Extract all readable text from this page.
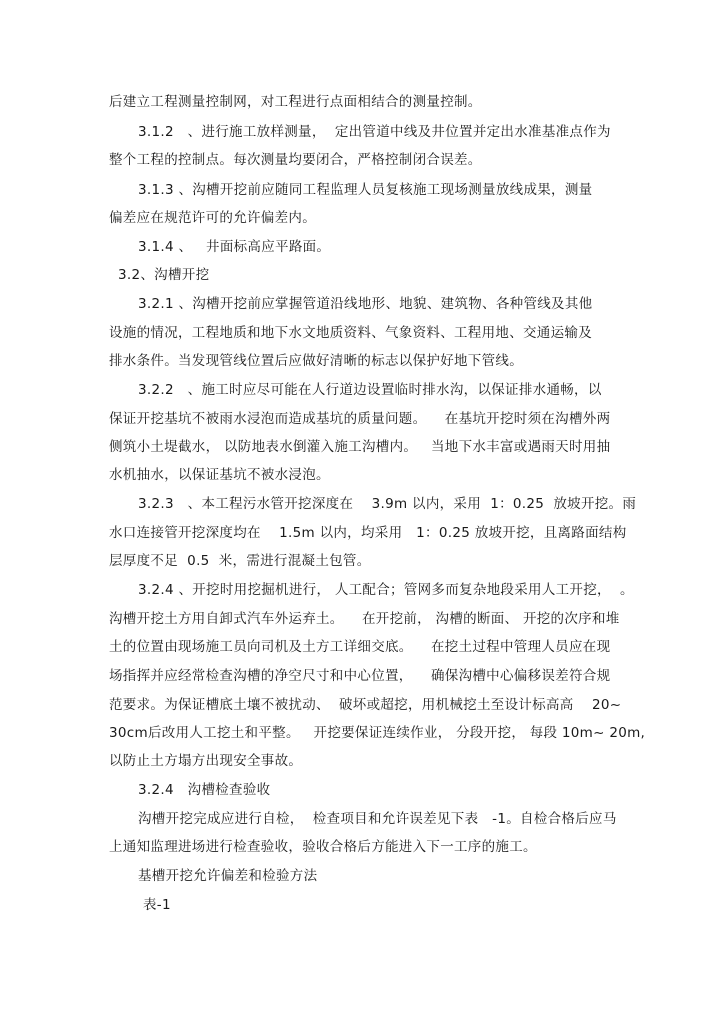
后建立工程测量控制网，对工程进行点面相结合的测量控制。
3.1.2　、进行施工放样测量，  定出管道中线及井位置并定出水准基准点作为
整个工程的控制点。每次测量均要闭合，严格控制闭合误差。
3.1.3 、沟槽开挖前应随同工程监理人员复核施工现场测量放线成果，测量
偏差应在规范许可的允许偏差内。
3.1.4 、   井面标高应平路面。
3.2、沟槽开挖
3.2.1 、沟槽开挖前应掌握管道沿线地形、地貌、建筑物、各种管线及其他
设施的情况，工程地质和地下水文地质资料、气象资料、工程用地、交通运输及
排水条件。当发现管线位置后应做好清晰的标志以保护好地下管线。
3.2.2　、施工时应尽可能在人行道边设置临时排水沟，以保证排水通畅，以
保证开挖基坑不被雨水浸泡而造成基坑的质量问题。    在基坑开挖时须在沟槽外两
侧筑小土堤截水， 以防地表水倒灌入施工沟槽内。   当地下水丰富或遇雨天时用抽
水机抽水，以保证基坑不被水浸泡。
3.2.3　、本工程污水管开挖深度在    3.9m 以内，采用  1：0.25  放坡开挖。雨
水口连接管开挖深度均在    1.5m 以内，均采用   1：0.25 放坡开挖，且离路面结构
层厚度不足  0.5  米，需进行混凝土包管。
3.2.4 、开挖时用挖掘机进行， 人工配合；管网多而复杂地段采用人工开挖，  。
沟槽开挖土方用自卸式汽车外运弃土。    在开挖前， 沟槽的断面、 开挖的次序和堆
土的位置由现场施工员向司机及土方工详细交底。    在挖土过程中管理人员应在现
场指挥并应经常检查沟槽的净空尺寸和中心位置，    确保沟槽中心偏移误差符合规
范要求。为保证槽底土壤不被扰动、  破坏或超挖，用机械挖土至设计标高高    20~
30cm后改用人工挖土和平整。   开挖要保证连续作业， 分段开挖， 每段 10m~ 20m,
以防止土方塌方出现安全事故。
3.2.4　沟槽检查验收
沟槽开挖完成应进行自检，  检查项目和允许误差见下表   -1。自检合格后应马
上通知监理进场进行检查验收，验收合格后方能进入下一工序的施工。
基槽开挖允许偏差和检验方法
表-1
